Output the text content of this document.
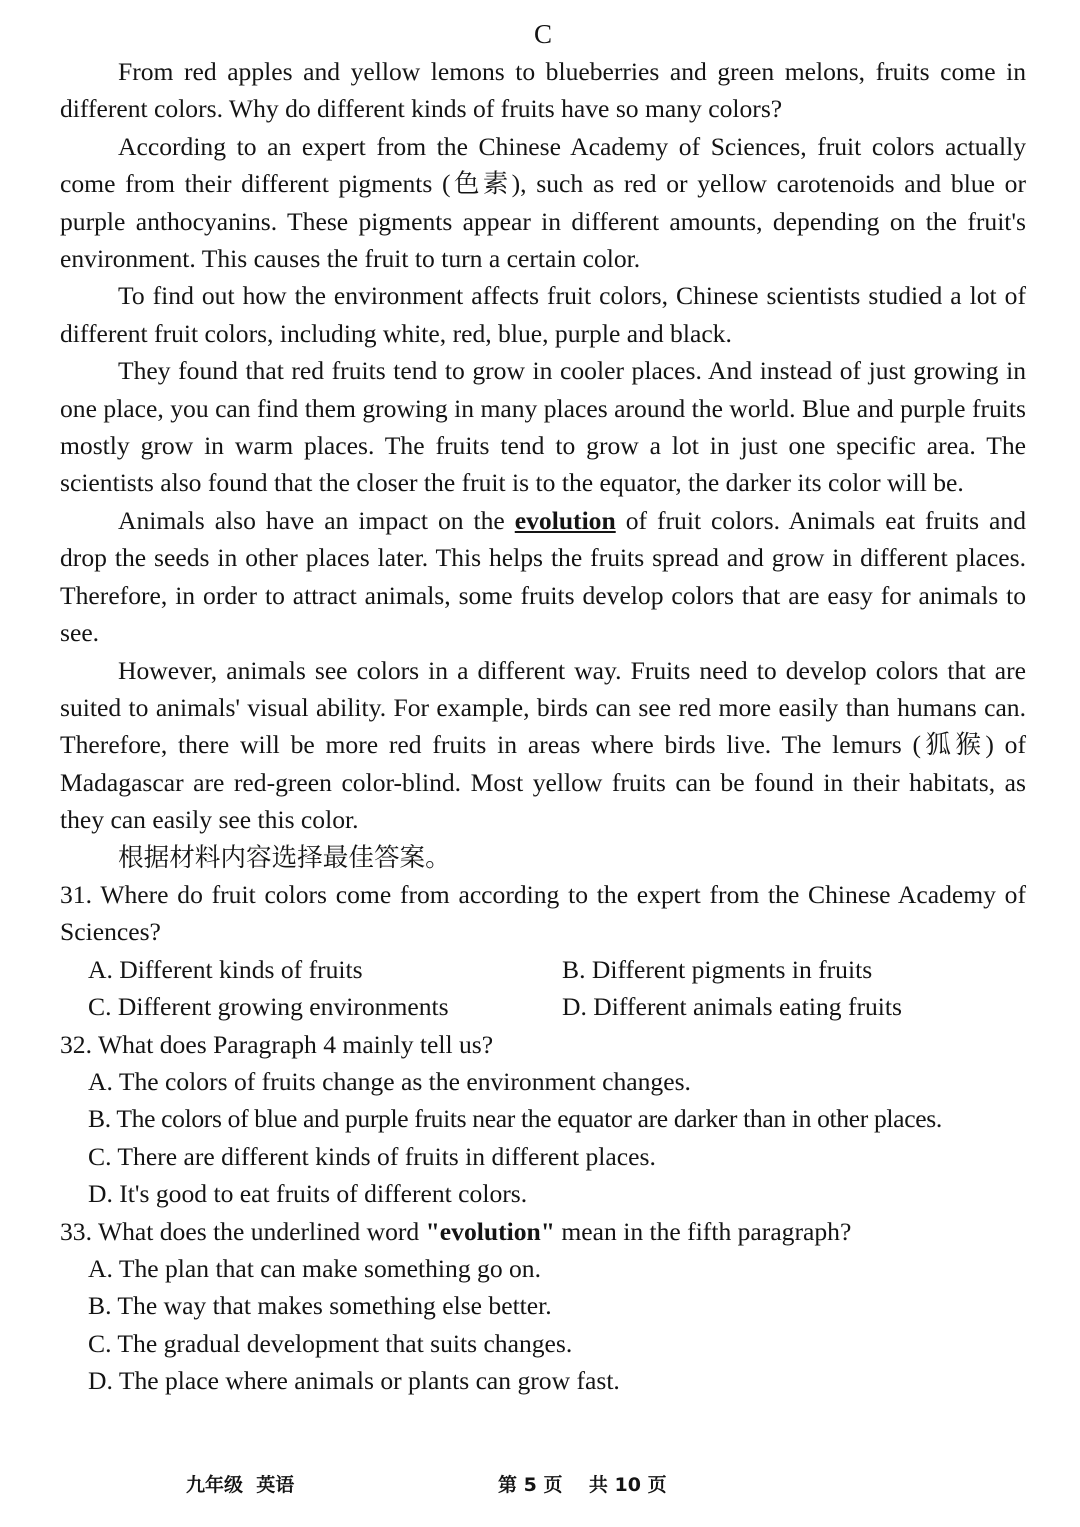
C

From red apples and yellow lemons to blueberries and green melons, fruits come in different colors. Why do different kinds of fruits have so many colors?

According to an expert from the Chinese Academy of Sciences, fruit colors actually come from their different pigments (色素), such as red or yellow carotenoids and blue or purple anthocyanins. These pigments appear in different amounts, depending on the fruit's environment. This causes the fruit to turn a certain color.

To find out how the environment affects fruit colors, Chinese scientists studied a lot of different fruit colors, including white, red, blue, purple and black.

They found that red fruits tend to grow in cooler places. And instead of just growing in one place, you can find them growing in many places around the world. Blue and purple fruits mostly grow in warm places. The fruits tend to grow a lot in just one specific area. The scientists also found that the closer the fruit is to the equator, the darker its color will be.

Animals also have an impact on the evolution of fruit colors. Animals eat fruits and drop the seeds in other places later. This helps the fruits spread and grow in different places. Therefore, in order to attract animals, some fruits develop colors that are easy for animals to see.

However, animals see colors in a different way. Fruits need to develop colors that are suited to animals' visual ability. For example, birds can see red more easily than humans can. Therefore, there will be more red fruits in areas where birds live. The lemurs (狐猴) of Madagascar are red-green color-blind. Most yellow fruits can be found in their habitats, as they can easily see this color.

根据材料内容选择最佳答案。

31. Where do fruit colors come from according to the expert from the Chinese Academy of Sciences?

A. Different kinds of fruits	B. Different pigments in fruits
C. Different growing environments	D. Different animals eating fruits

32. What does Paragraph 4 mainly tell us?

A. The colors of fruits change as the environment changes.
B. The colors of blue and purple fruits near the equator are darker than in other places.
C. There are different kinds of fruits in different places.
D. It's good to eat fruits of different colors.

33. What does the underlined word "evolution" mean in the fifth paragraph?

A. The plan that can make something go on.
B. The way that makes something else better.
C. The gradual development that suits changes.
D. The place where animals or plants can grow fast.
九年级  英语	第 5 页    共 10 页
